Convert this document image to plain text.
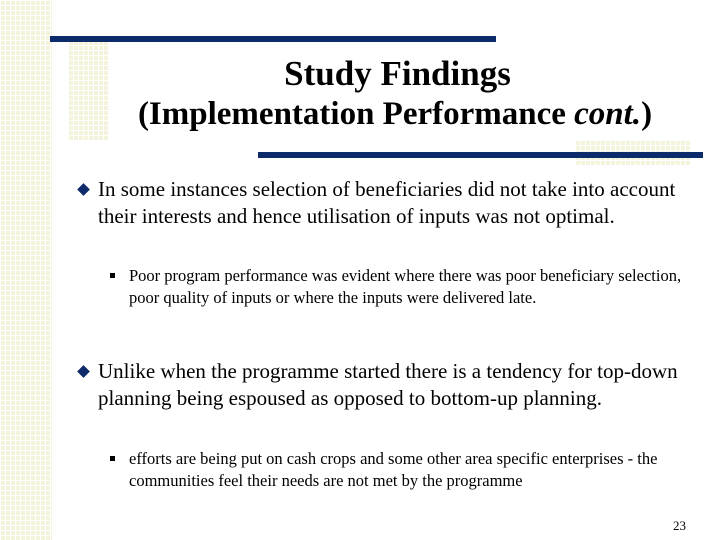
Study Findings
(Implementation Performance cont.)
In some instances selection of beneficiaries did not take into account their interests and hence utilisation of inputs was not optimal.
Poor program performance was evident where there was poor beneficiary selection, poor quality of inputs or where the inputs were delivered late.
Unlike when the programme started there is a tendency for top-down planning being espoused as opposed to bottom-up planning.
efforts are being put on cash crops and some other area specific enterprises - the communities feel their needs are not met by the programme
23
